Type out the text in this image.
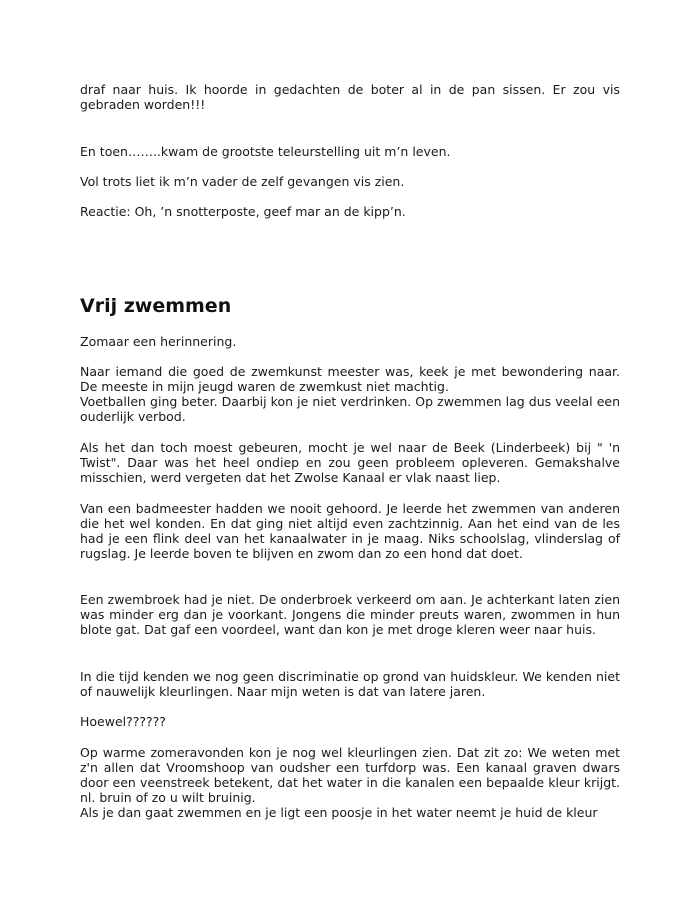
draf naar huis. Ik hoorde in gedachten de boter al in de pan sissen. Er zou vis gebraden worden!!!

En toen……..kwam de grootste teleurstelling uit m’n leven.

Vol trots liet ik m’n vader de zelf gevangen vis zien.

Reactie: Oh, ’n snotterposte, geef mar an de kipp’n.

Vrij zwemmen

Zomaar een herinnering.

Naar iemand die goed de zwemkunst meester was, keek je met bewondering naar. De meeste in mijn jeugd waren de zwemkust niet machtig.
Voetballen ging beter. Daarbij kon je niet verdrinken. Op zwemmen lag dus veelal een ouderlijk verbod.

Als het dan toch moest gebeuren, mocht je wel naar de Beek (Linderbeek) bij " 'n Twist". Daar was het heel ondiep en zou geen probleem opleveren. Gemakshalve misschien, werd vergeten dat het Zwolse Kanaal er vlak naast liep.

Van een badmeester hadden we nooit gehoord. Je leerde het zwemmen van anderen die het wel konden. En dat ging niet altijd even zachtzinnig. Aan het eind van de les had je een flink deel van het kanaalwater in je maag. Niks schoolslag, vlinderslag of rugslag. Je leerde boven te blijven en zwom dan zo een hond dat doet.

Een zwembroek had je niet. De onderbroek verkeerd om aan. Je achterkant laten zien was minder erg dan je voorkant. Jongens die minder preuts waren, zwommen in hun blote gat. Dat gaf een voordeel, want dan kon je met droge kleren weer naar huis.

In die tijd kenden we nog geen discriminatie op grond van huidskleur. We kenden niet of nauwelijk kleurlingen. Naar mijn weten is dat van latere jaren.

Hoewel??????

Op warme zomeravonden kon je nog wel kleurlingen zien. Dat zit zo: We weten met z'n allen dat Vroomshoop van oudsher een turfdorp was. Een kanaal graven dwars door een veenstreek betekent, dat het water in die kanalen een bepaalde kleur krijgt. nl. bruin of zo u wilt bruinig.
Als je dan gaat zwemmen en je ligt een poosje in het water neemt je huid de kleur
